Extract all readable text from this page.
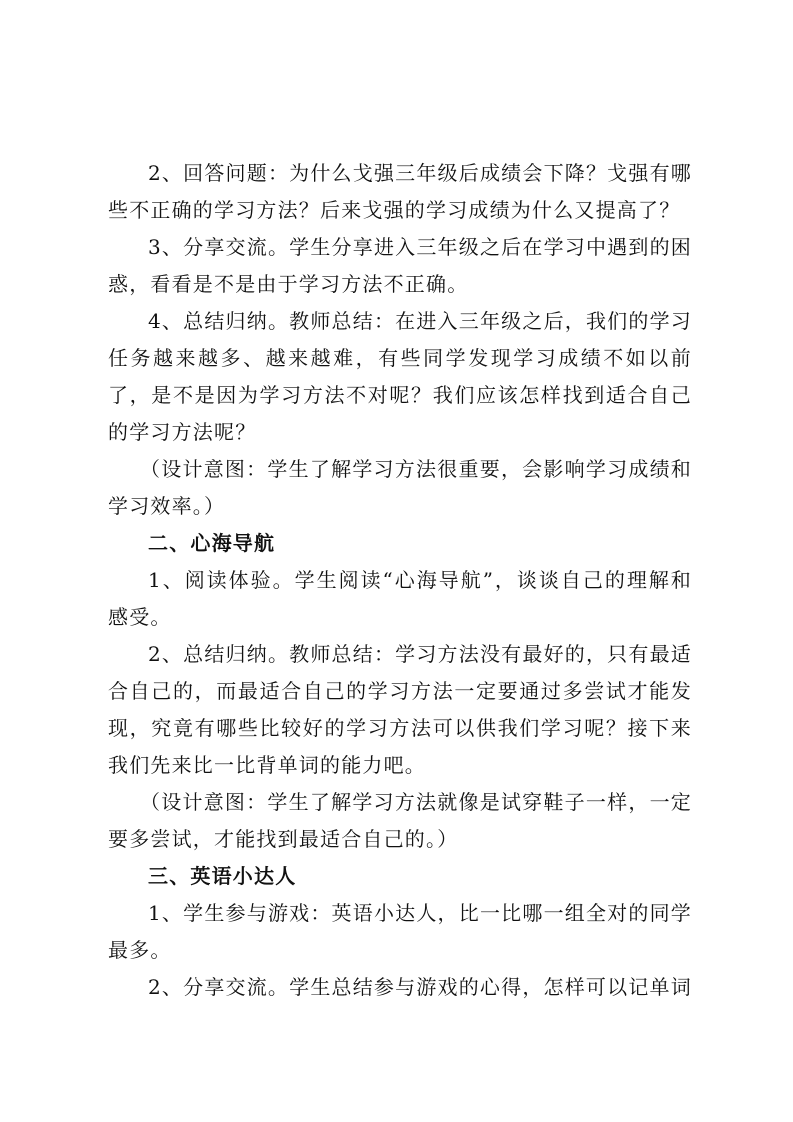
2、回答问题：为什么戈强三年级后成绩会下降？戈强有哪些不正确的学习方法？后来戈强的学习成绩为什么又提高了？

3、分享交流。学生分享进入三年级之后在学习中遇到的困惑，看看是不是由于学习方法不正确。

4、总结归纳。教师总结：在进入三年级之后，我们的学习任务越来越多、越来越难，有些同学发现学习成绩不如以前了，是不是因为学习方法不对呢？我们应该怎样找到适合自己的学习方法呢？

（设计意图：学生了解学习方法很重要，会影响学习成绩和学习效率。）

二、心海导航

1、阅读体验。学生阅读“心海导航”，谈谈自己的理解和感受。

2、总结归纳。教师总结：学习方法没有最好的，只有最适合自己的，而最适合自己的学习方法一定要通过多尝试才能发现，究竟有哪些比较好的学习方法可以供我们学习呢？接下来我们先来比一比背单词的能力吧。

（设计意图：学生了解学习方法就像是试穿鞋子一样，一定要多尝试，才能找到最适合自己的。）

三、英语小达人

1、学生参与游戏：英语小达人，比一比哪一组全对的同学最多。

2、分享交流。学生总结参与游戏的心得，怎样可以记单词
